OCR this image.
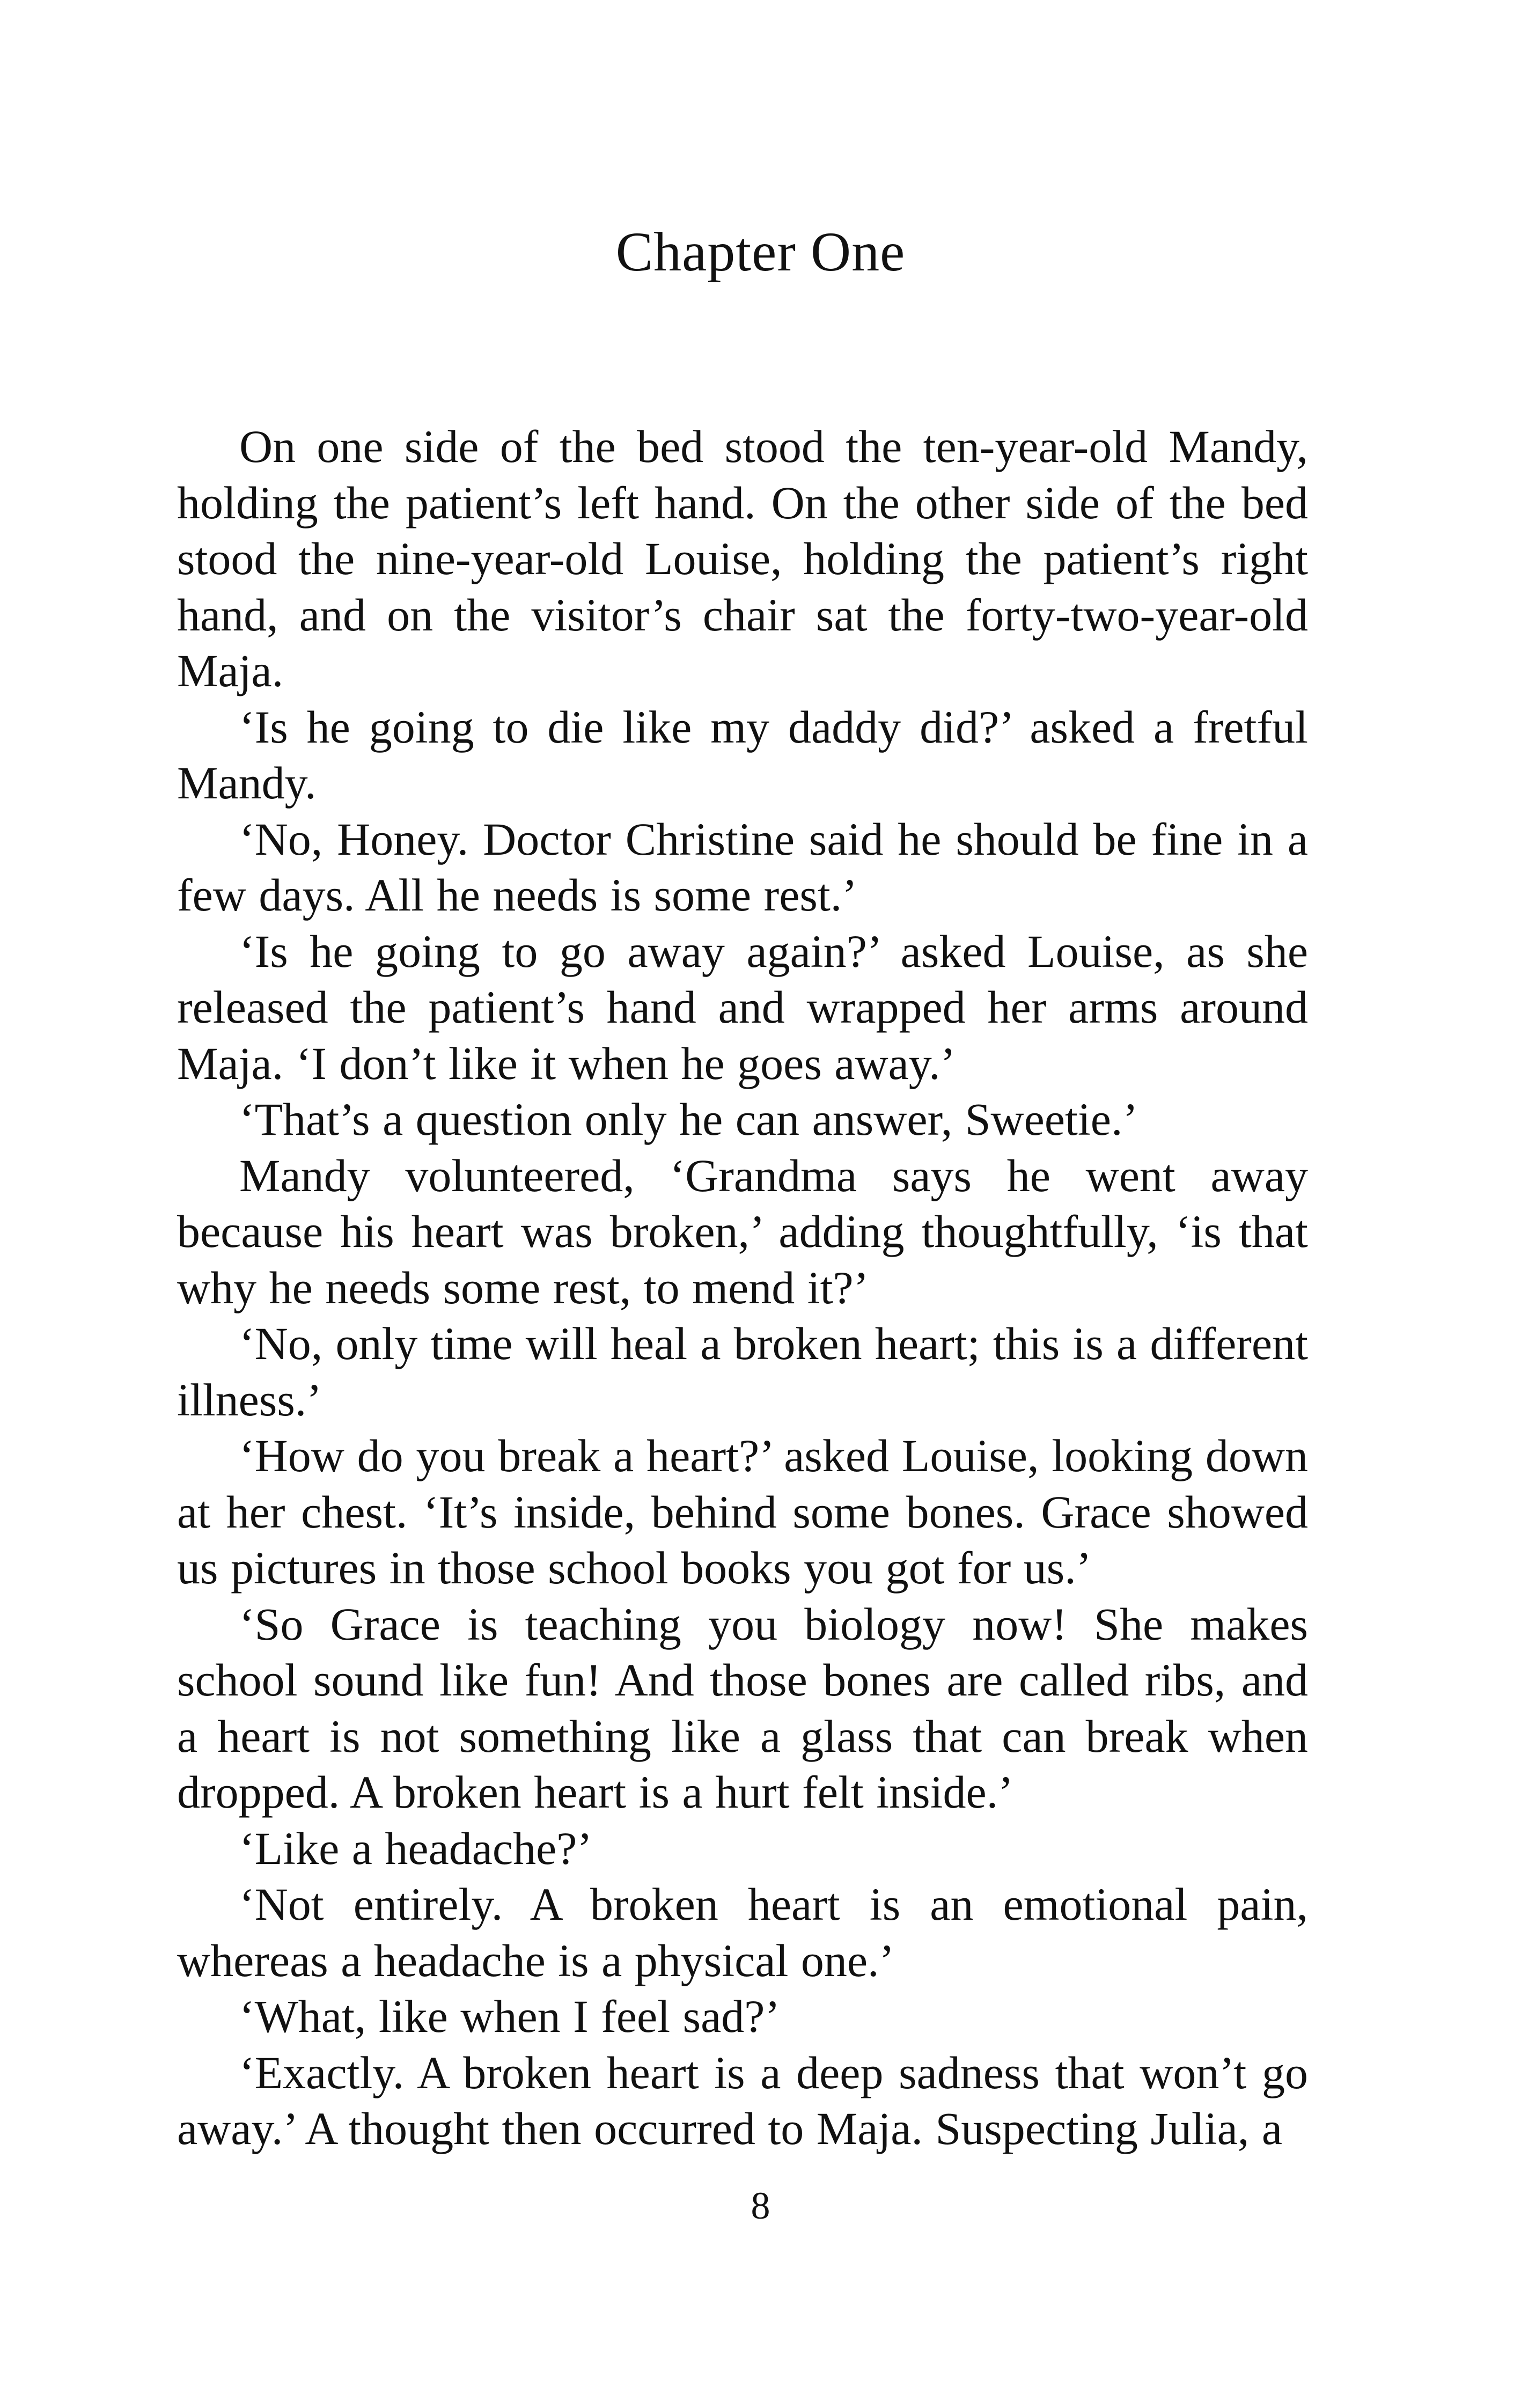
Chapter One

On one side of the bed stood the ten-year-old Mandy, holding the patient’s left hand. On the other side of the bed stood the nine-year-old Louise, holding the patient’s right hand, and on the visitor’s chair sat the forty-two-year-old Maja.

‘Is he going to die like my daddy did?’ asked a fretful Mandy.

‘No, Honey. Doctor Christine said he should be fine in a few days. All he needs is some rest.’

‘Is he going to go away again?’ asked Louise, as she released the patient’s hand and wrapped her arms around Maja. ‘I don’t like it when he goes away.’

‘That’s a question only he can answer, Sweetie.’

Mandy volunteered, ‘Grandma says he went away because his heart was broken,’ adding thoughtfully, ‘is that why he needs some rest, to mend it?’

‘No, only time will heal a broken heart; this is a different illness.’

‘How do you break a heart?’ asked Louise, looking down at her chest. ‘It’s inside, behind some bones. Grace showed us pictures in those school books you got for us.’

‘So Grace is teaching you biology now! She makes school sound like fun! And those bones are called ribs, and a heart is not something like a glass that can break when dropped. A broken heart is a hurt felt inside.’

‘Like a headache?’

‘Not entirely. A broken heart is an emotional pain, whereas a headache is a physical one.’

‘What, like when I feel sad?’

‘Exactly. A broken heart is a deep sadness that won’t go away.’ A thought then occurred to Maja. Suspecting Julia, a

8
